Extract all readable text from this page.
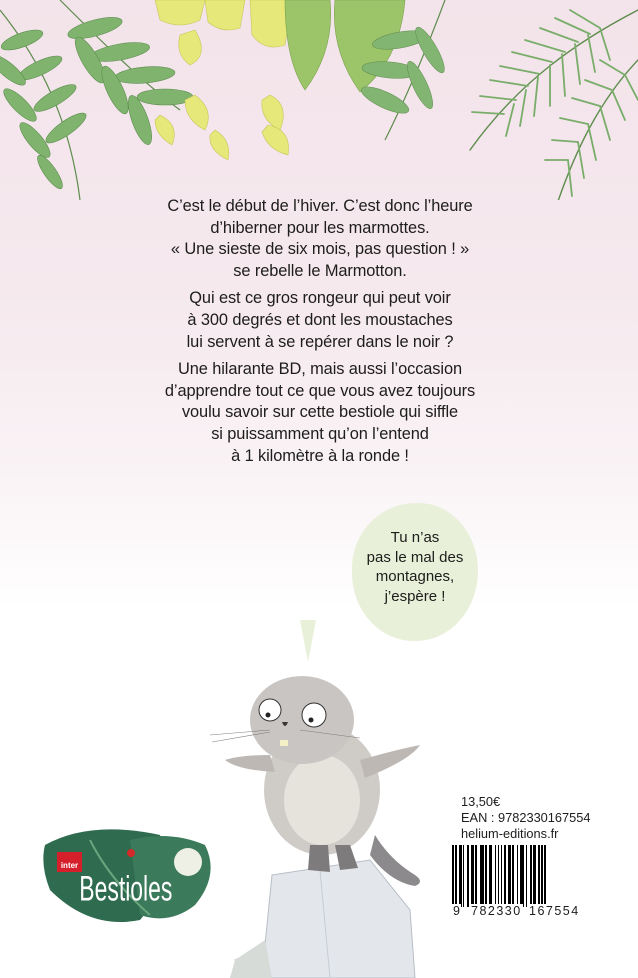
C’est le début de l’hiver. C’est donc l’heure
d’hiberner pour les marmottes.
« Une sieste de six mois, pas question ! »
se rebelle le Marmotton.

Qui est ce gros rongeur qui peut voir
à 300 degrés et dont les moustaches
lui servent à se repérer dans le noir ?

Une hilarante BD, mais aussi l’occasion
d’apprendre tout ce que vous avez toujours
voulu savoir sur cette bestiole qui siffle
si puissamment qu’on l’entend
à 1 kilomètre à la ronde !

Tu n’as
pas le mal des
montagnes,
j’espère !
13,50€
EAN : 9782330167554
helium-editions.fr
9 782330 167554
inter
Bestioles
